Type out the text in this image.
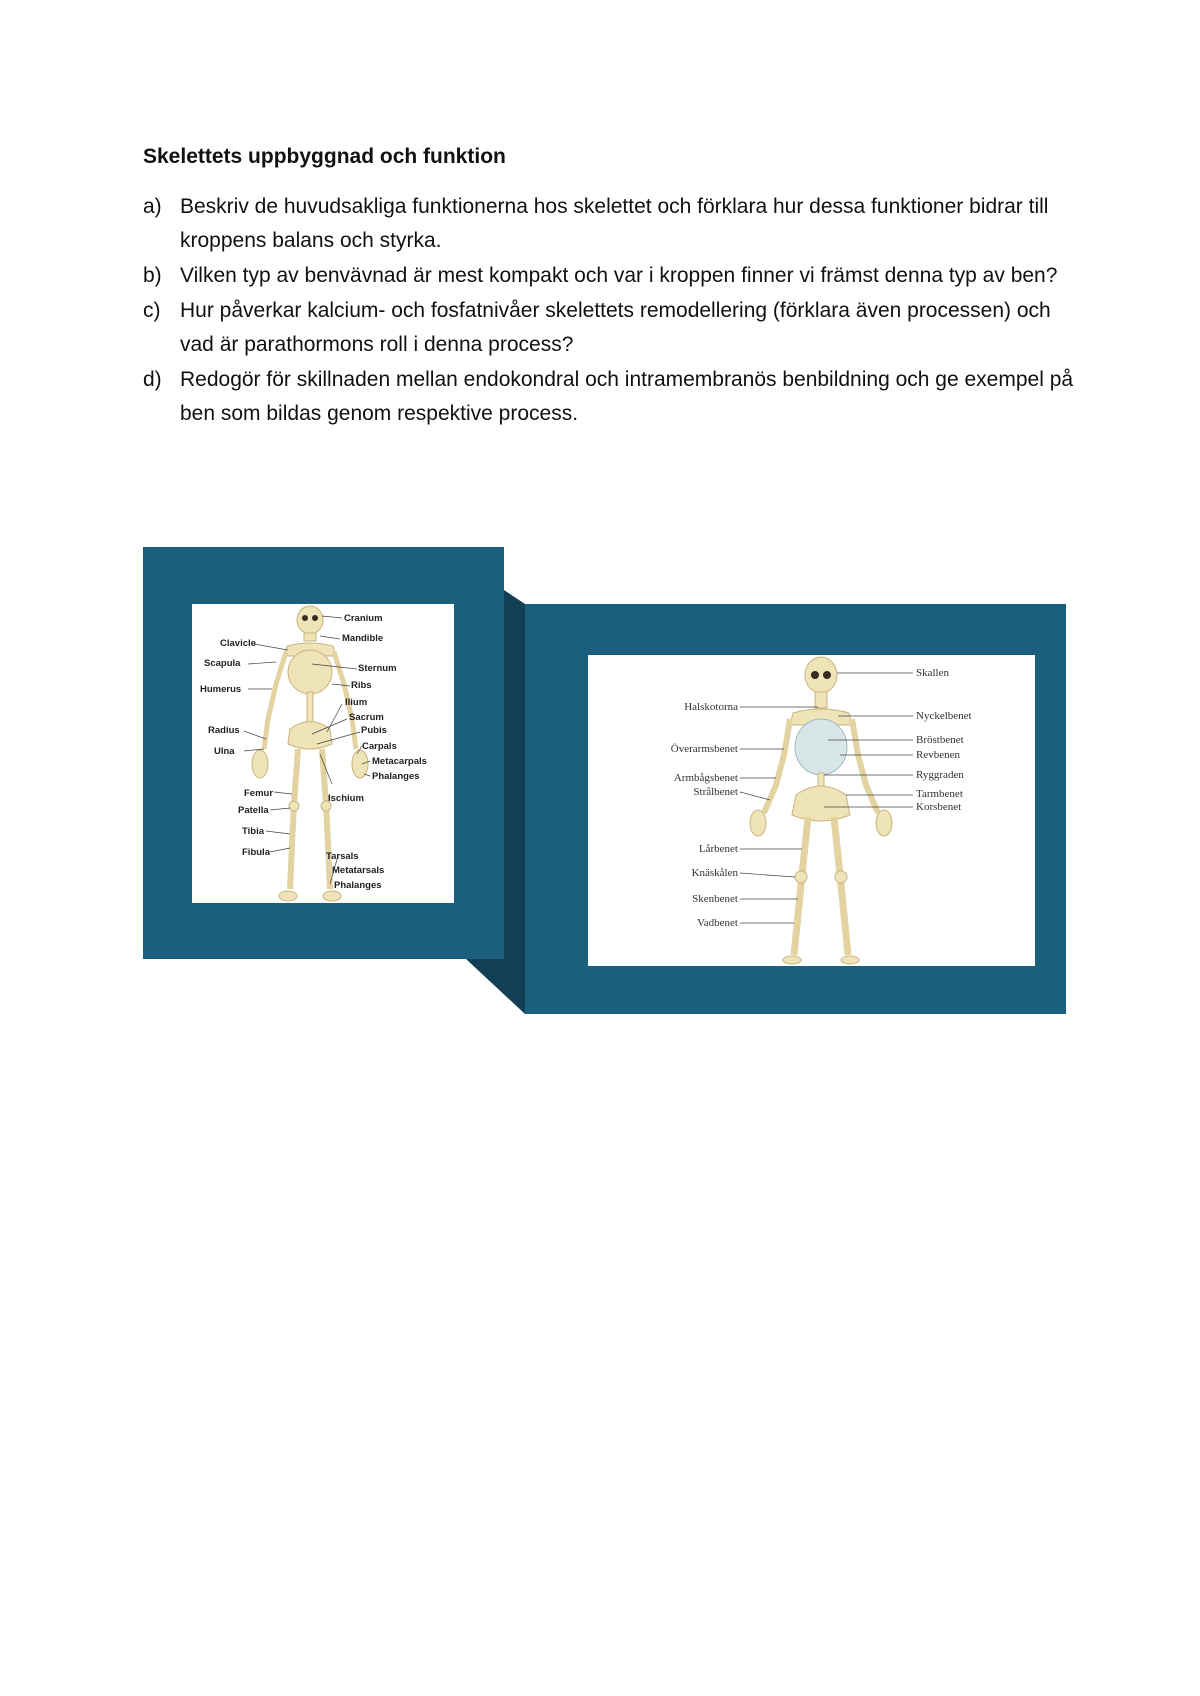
Skelettets uppbyggnad och funktion
a) Beskriv de huvudsakliga funktionerna hos skelettet och förklara hur dessa funktioner bidrar till kroppens balans och styrka.
b) Vilken typ av benvävnad är mest kompakt och var i kroppen finner vi främst denna typ av ben?
c) Hur påverkar kalcium- och fosfatnivåer skelettets remodellering (förklara även processen) och vad är parathormons roll i denna process?
d) Redogör för skillnaden mellan endokondral och intramembranös benbildning och ge exempel på ben som bildas genom respektive process.
Cranium
Mandible
Sternum
Ribs
Ilium
Sacrum
Pubis
Carpals
Metacarpals
Phalanges
Ischium
Tarsals
Metatarsals
Phalanges
Clavicle
Scapula
Humerus
Radius
Ulna
Femur
Patella
Tibia
Fibula
Skallen
Nyckelbenet
Bröstbenet
Revbenen
Ryggraden
Tarmbenet
Korsbenet
Halskotorna
Överarmsbenet
Armbågsbenet
Strålbenet
Lårbenet
Knäskålen
Skenbenet
Vadbenet
